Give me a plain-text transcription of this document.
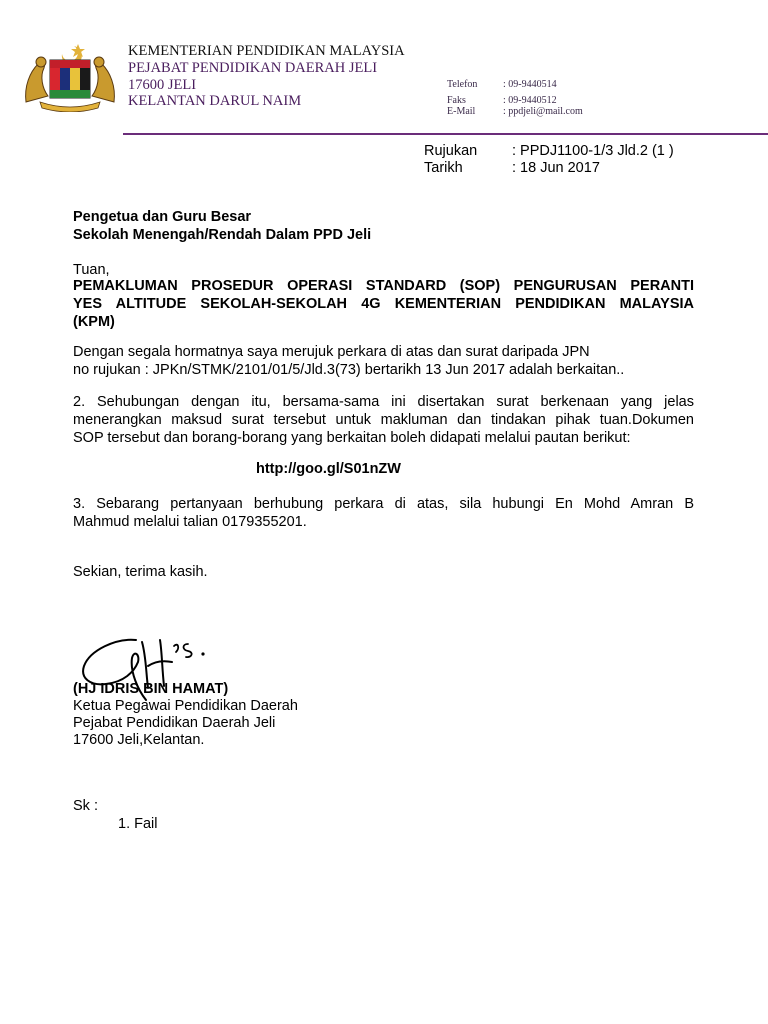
KEMENTERIAN PENDIDIKAN MALAYSIA
PEJABAT PENDIDIKAN DAERAH JELI
17600 JELI
KELANTAN DARUL NAIM
Telefon	: 09-9440514
Faks	: 09-9440512
E-Mail	: ppdjeli@mail.com
Rujukan : PPDJ1100-1/3 Jld.2 (1 )
Tarikh	: 18 Jun 2017
Pengetua dan Guru Besar
Sekolah Menengah/Rendah Dalam PPD Jeli
Tuan,
PEMAKLUMAN PROSEDUR OPERASI STANDARD (SOP) PENGURUSAN PERANTI
YES ALTITUDE SEKOLAH-SEKOLAH 4G KEMENTERIAN PENDIDIKAN MALAYSIA
(KPM)
Dengan segala hormatnya saya merujuk perkara di atas dan surat daripada JPN
no rujukan : JPKn/STMK/2101/01/5/Jld.3(73) bertarikh 13 Jun 2017 adalah berkaitan..
2. Sehubungan dengan itu, bersama-sama ini disertakan surat berkenaan yang jelas
menerangkan maksud surat tersebut untuk makluman dan tindakan pihak tuan.Dokumen
SOP tersebut dan borang-borang yang berkaitan boleh didapati melalui pautan berikut:
http://goo.gl/S01nZW
3. Sebarang pertanyaan berhubung perkara di atas, sila hubungi En Mohd Amran B
Mahmud melalui talian 0179355201.
Sekian, terima kasih.
(HJ IDRIS BIN HAMAT)
Ketua Pegawai Pendidikan Daerah
Pejabat Pendidikan Daerah Jeli
17600 Jeli,Kelantan.
Sk :
1. Fail
